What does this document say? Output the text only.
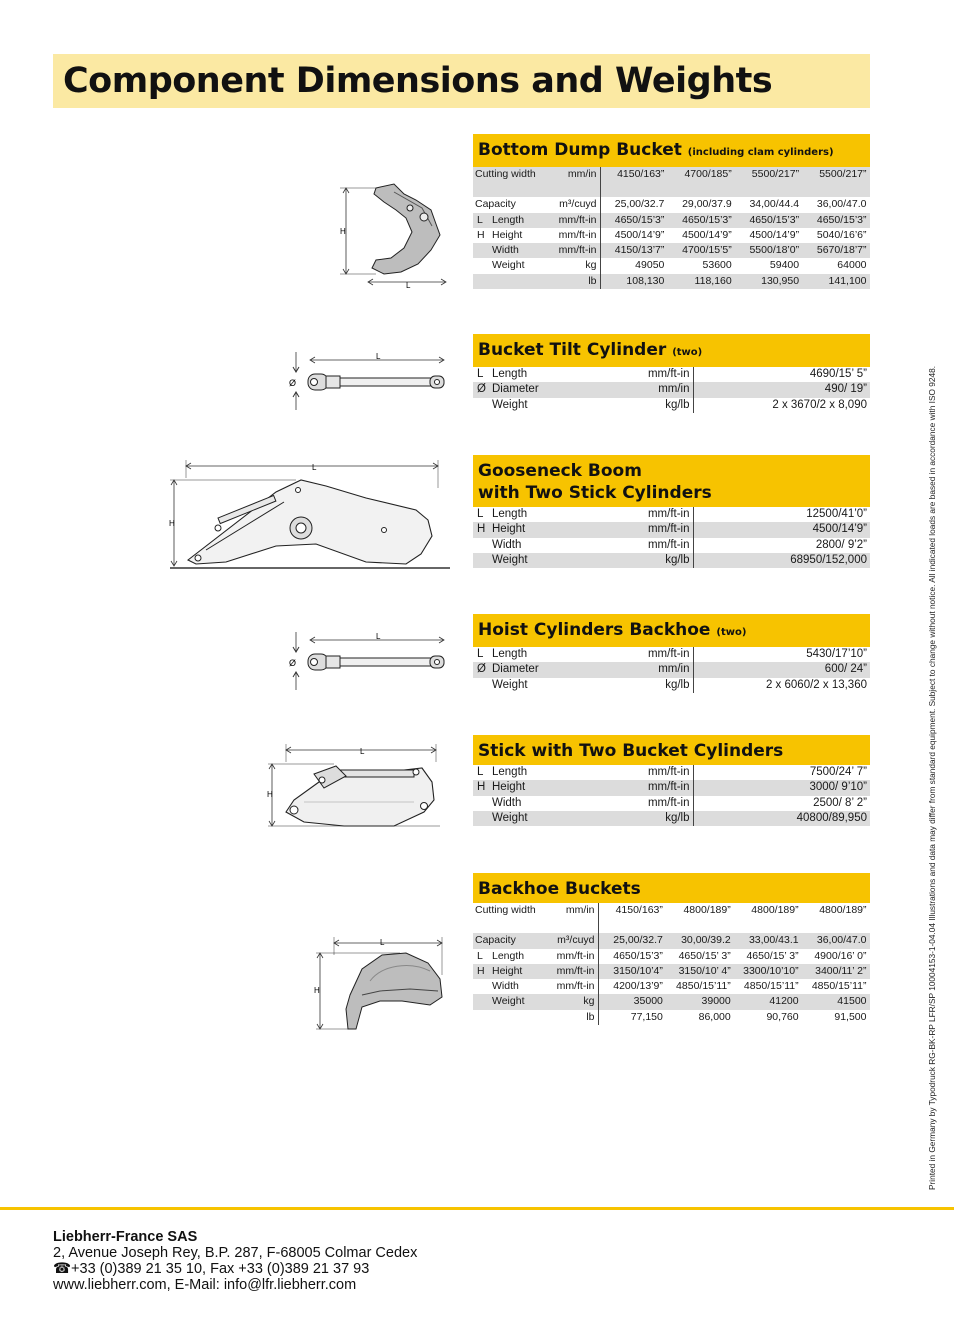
Component Dimensions and Weights
H
L
Bottom Dump Bucket (including clam cylinders)
Cutting width		mm/in	4150/163”	4700/185”	5500/217”	5500/217”

Capacity		m³/cuyd	25,00/32.7	29,00/37.9	34,00/44.4	36,00/47.0
L	Length	mm/ft-in	4650/15’3”	4650/15’3”	4650/15’3”	4650/15’3”
H	Height	mm/ft-in	4500/14’9”	4500/14’9”	4500/14’9”	5040/16’6”
	Width	mm/ft-in	4150/13’7”	4700/15’5”	5500/18’0”	5670/18’7”
	Weight	kg	49050	53600	59400	64000
		lb	108,130	118,160	130,950	141,100
L
Ø
Bucket Tilt Cylinder (two)
L	Length	mm/ft-in	4690/15’ 5”
Ø	Diameter	mm/in	490/ 19”
	Weight	kg/lb	2 x 3670/2 x 8,090
L
H
Gooseneck Boom
with Two Stick Cylinders
L	Length	mm/ft-in	12500/41’0”
H	Height	mm/ft-in	4500/14’9”
	Width	mm/ft-in	2800/ 9’2”
	Weight	kg/lb	68950/152,000
L
Ø
Hoist Cylinders Backhoe (two)
L	Length	mm/ft-in	5430/17’10”
Ø	Diameter	mm/in	600/ 24”
	Weight	kg/lb	2 x 6060/2 x 13,360
L
H
Stick with Two Bucket Cylinders
L	Length	mm/ft-in	7500/24’ 7”
H	Height	mm/ft-in	3000/ 9’10”
	Width	mm/ft-in	2500/ 8’ 2”
	Weight	kg/lb	40800/89,950
L
H
Backhoe Buckets
Cutting width		mm/in	4150/163”	4800/189”	4800/189”	4800/189”

Capacity		m³/cuyd	25,00/32.7	30,00/39.2	33,00/43.1	36,00/47.0
L	Length	mm/ft-in	4650/15’3”	4650/15’ 3”	4650/15’ 3”	4900/16’ 0”
H	Height	mm/ft-in	3150/10’4”	3150/10’ 4”	3300/10’10”	3400/11’ 2”
	Width	mm/ft-in	4200/13’9”	4850/15’11”	4850/15’11”	4850/15’11”
	Weight	kg	35000	39000	41200	41500
		lb	77,150	86,000	90,760	91,500	Printed in Germany by Typodruck RG-BK-RP LFR/SP 10004153-1-04.04 Illustrations and data may differ from standard equipment. Subject to change without notice. All indicated loads are based in accordance with ISO 9248.
Liebherr-France SAS
2, Avenue Joseph Rey, B.P. 287, F-68005 Colmar Cedex
☎ +33 (0)389 21 35 10, Fax +33 (0)389 21 37 93
www.liebherr.com, E-Mail: info@lfr.liebherr.com
